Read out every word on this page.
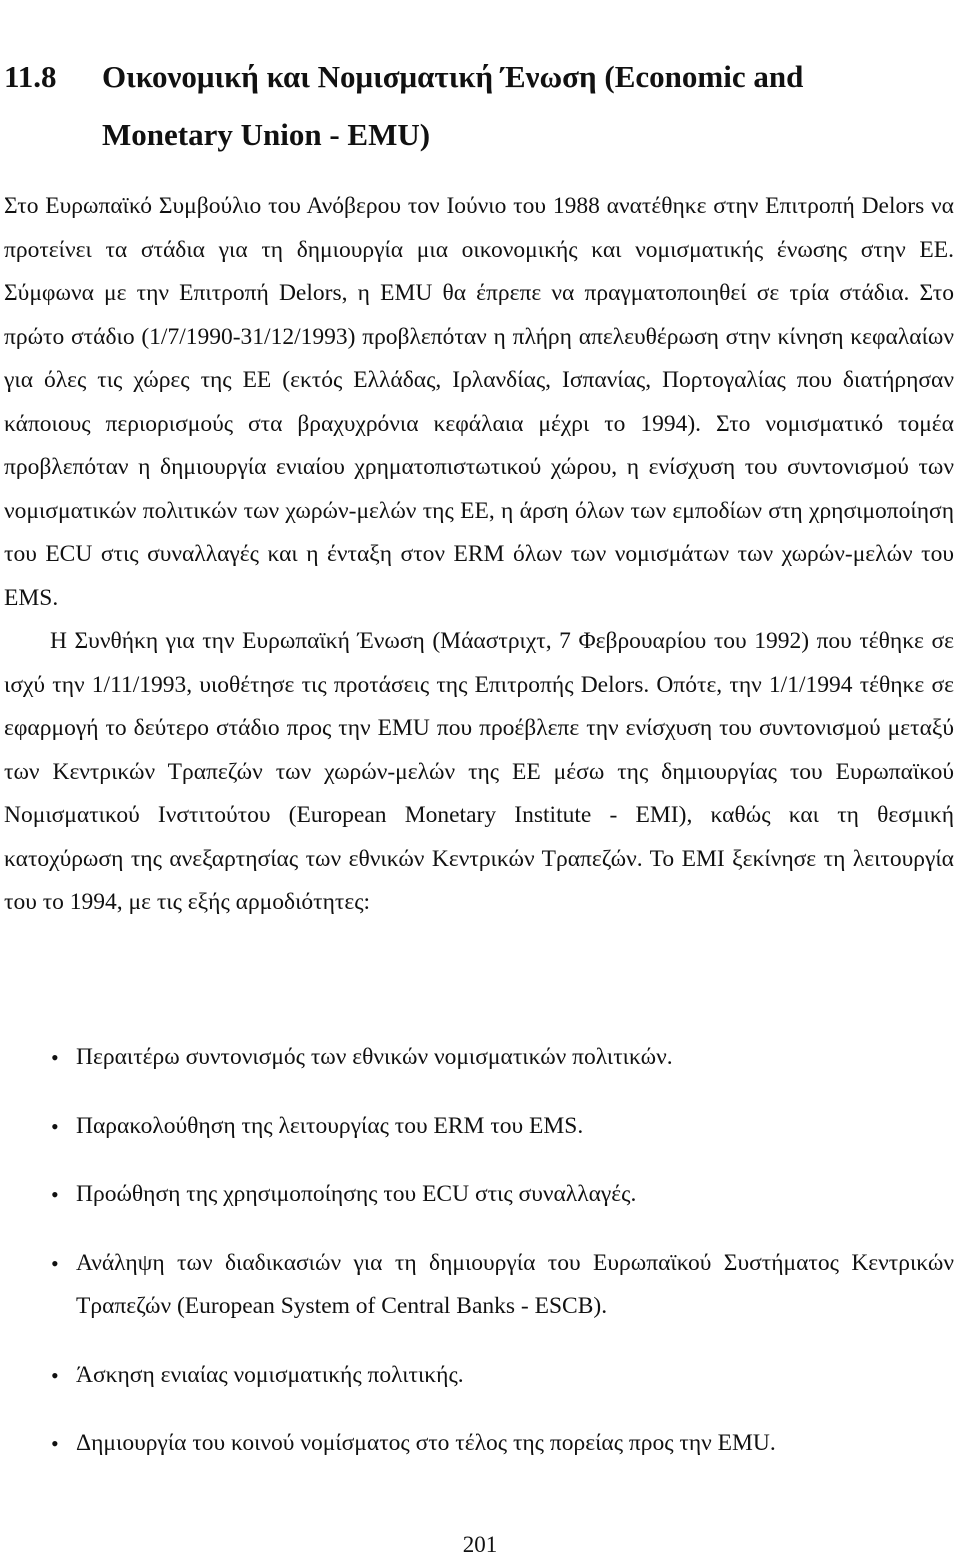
11.8 Οικονομική και Νομισματική Ένωση (Economic and
Monetary Union - EMU)

Στο Ευρωπαϊκό Συμβούλιο του Ανόβερου τον Ιούνιο του 1988 ανατέθηκε στην Επιτροπή Delors να προτείνει τα στάδια για τη δημιουργία μια οικονομικής και νομισματικής ένωσης στην ΕΕ. Σύμφωνα με την Επιτροπή Delors, η EMU θα έπρεπε να πραγματοποιηθεί σε τρία στάδια. Στο πρώτο στάδιο (1/7/1990-31/12/1993) προβλεπόταν η πλήρη απελευθέρωση στην κίνηση κεφαλαίων για όλες τις χώρες της ΕΕ (εκτός Ελλάδας, Ιρλανδίας, Ισπανίας, Πορτογαλίας που διατήρησαν κάποιους περιορισμούς στα βραχυχρόνια κεφάλαια μέχρι το 1994). Στο νομισματικό τομέα προβλεπόταν η δημιουργία ενιαίου χρηματοπιστωτικού χώρου, η ενίσχυση του συντονισμού των νομισματικών πολιτικών των χωρών-μελών της ΕΕ, η άρση όλων των εμποδίων στη χρησιμοποίηση του ECU στις συναλλαγές και η ένταξη στον ERM όλων των νομισμάτων των χωρών-μελών του EMS.

Η Συνθήκη για την Ευρωπαϊκή Ένωση (Μάαστριχτ, 7 Φεβρουαρίου του 1992) που τέθηκε σε ισχύ την 1/11/1993, υιοθέτησε τις προτάσεις της Επιτροπής Delors. Οπότε, την 1/1/1994 τέθηκε σε εφαρμογή το δεύτερο στάδιο προς την EMU που προέβλεπε την ενίσχυση του συντονισμού μεταξύ των Κεντρικών Τραπεζών των χωρών-μελών της ΕΕ μέσω της δημιουργίας του Ευρωπαϊκού Νομισματικού Ινστιτούτου (European Monetary Institute - EMI), καθώς και τη θεσμική κατοχύρωση της ανεξαρτησίας των εθνικών Κεντρικών Τραπεζών. Το ΕΜΙ ξεκίνησε τη λειτουργία του το 1994, με τις εξής αρμοδιότητες:

• Περαιτέρω συντονισμός των εθνικών νομισματικών πολιτικών.
• Παρακολούθηση της λειτουργίας του ERM του EMS.
• Προώθηση της χρησιμοποίησης του ECU στις συναλλαγές.
• Ανάληψη των διαδικασιών για τη δημιουργία του Ευρωπαϊκού Συστήματος Κεντρικών Τραπεζών (European System of Central Banks - ESCB).
• Άσκηση ενιαίας νομισματικής πολιτικής.
• Δημιουργία του κοινού νομίσματος στο τέλος της πορείας προς την EMU.
201
